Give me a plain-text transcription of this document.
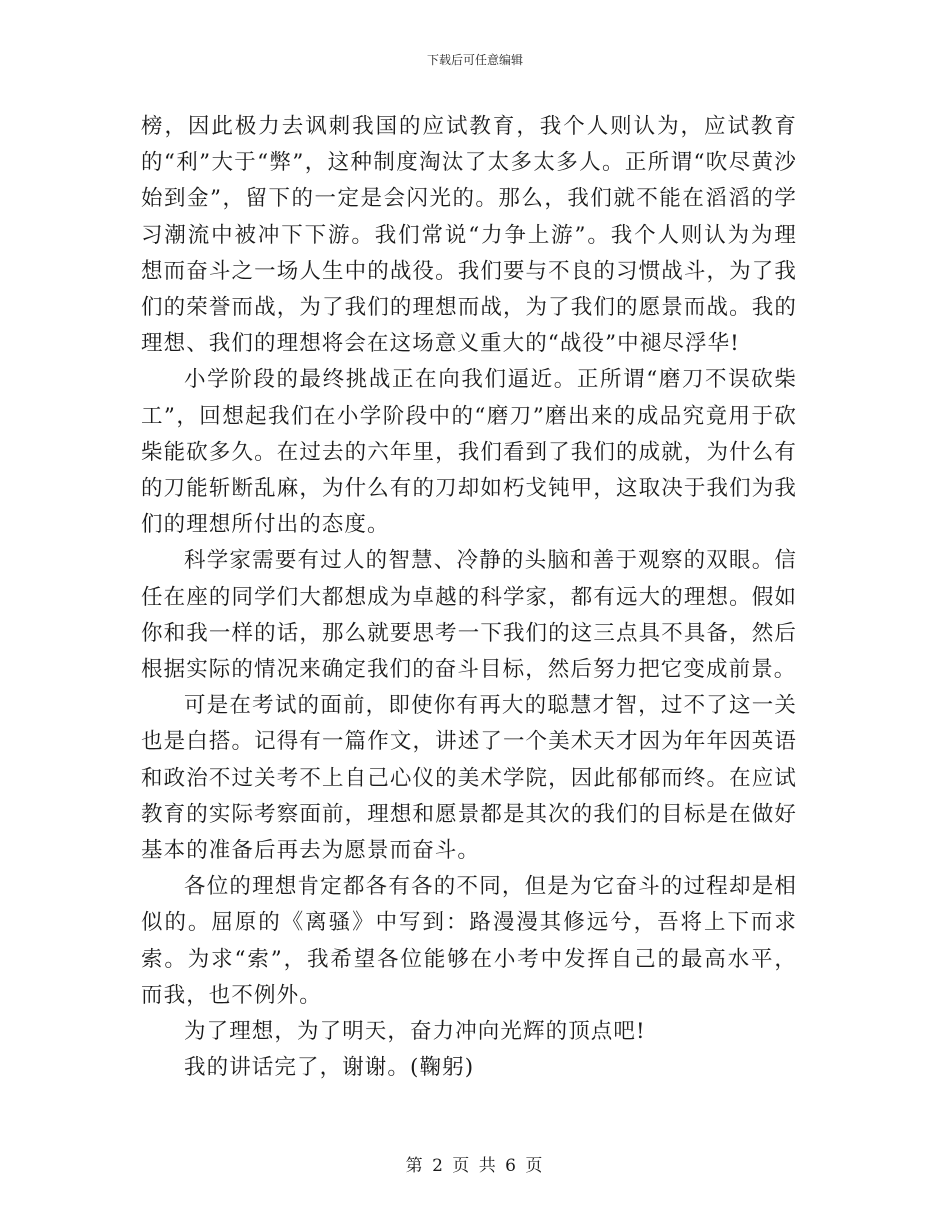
下载后可任意编辑

榜，因此极力去讽刺我国的应试教育，我个人则认为，应试教育的“利”大于“弊”，这种制度淘汰了太多太多人。正所谓“吹尽黄沙始到金”，留下的一定是会闪光的。那么，我们就不能在滔滔的学习潮流中被冲下下游。我们常说“力争上游”。我个人则认为为理想而奋斗之一场人生中的战役。我们要与不良的习惯战斗，为了我们的荣誉而战，为了我们的理想而战，为了我们的愿景而战。我的理想、我们的理想将会在这场意义重大的“战役”中褪尽浮华!

小学阶段的最终挑战正在向我们逼近。正所谓“磨刀不误砍柴工”，回想起我们在小学阶段中的“磨刀”磨出来的成品究竟用于砍柴能砍多久。在过去的六年里，我们看到了我们的成就，为什么有的刀能斩断乱麻，为什么有的刀却如朽戈钝甲，这取决于我们为我们的理想所付出的态度。

科学家需要有过人的智慧、冷静的头脑和善于观察的双眼。信任在座的同学们大都想成为卓越的科学家，都有远大的理想。假如你和我一样的话，那么就要思考一下我们的这三点具不具备，然后根据实际的情况来确定我们的奋斗目标，然后努力把它变成前景。

可是在考试的面前，即使你有再大的聪慧才智，过不了这一关也是白搭。记得有一篇作文，讲述了一个美术天才因为年年因英语和政治不过关考不上自己心仪的美术学院，因此郁郁而终。在应试教育的实际考察面前，理想和愿景都是其次的我们的目标是在做好基本的准备后再去为愿景而奋斗。

各位的理想肯定都各有各的不同，但是为它奋斗的过程却是相似的。屈原的《离骚》中写到：路漫漫其修远兮，吾将上下而求索。为求“索”，我希望各位能够在小考中发挥自己的最高水平，而我，也不例外。

为了理想，为了明天，奋力冲向光辉的顶点吧!

我的讲话完了，谢谢。(鞠躬)

第 2 页 共 6 页
